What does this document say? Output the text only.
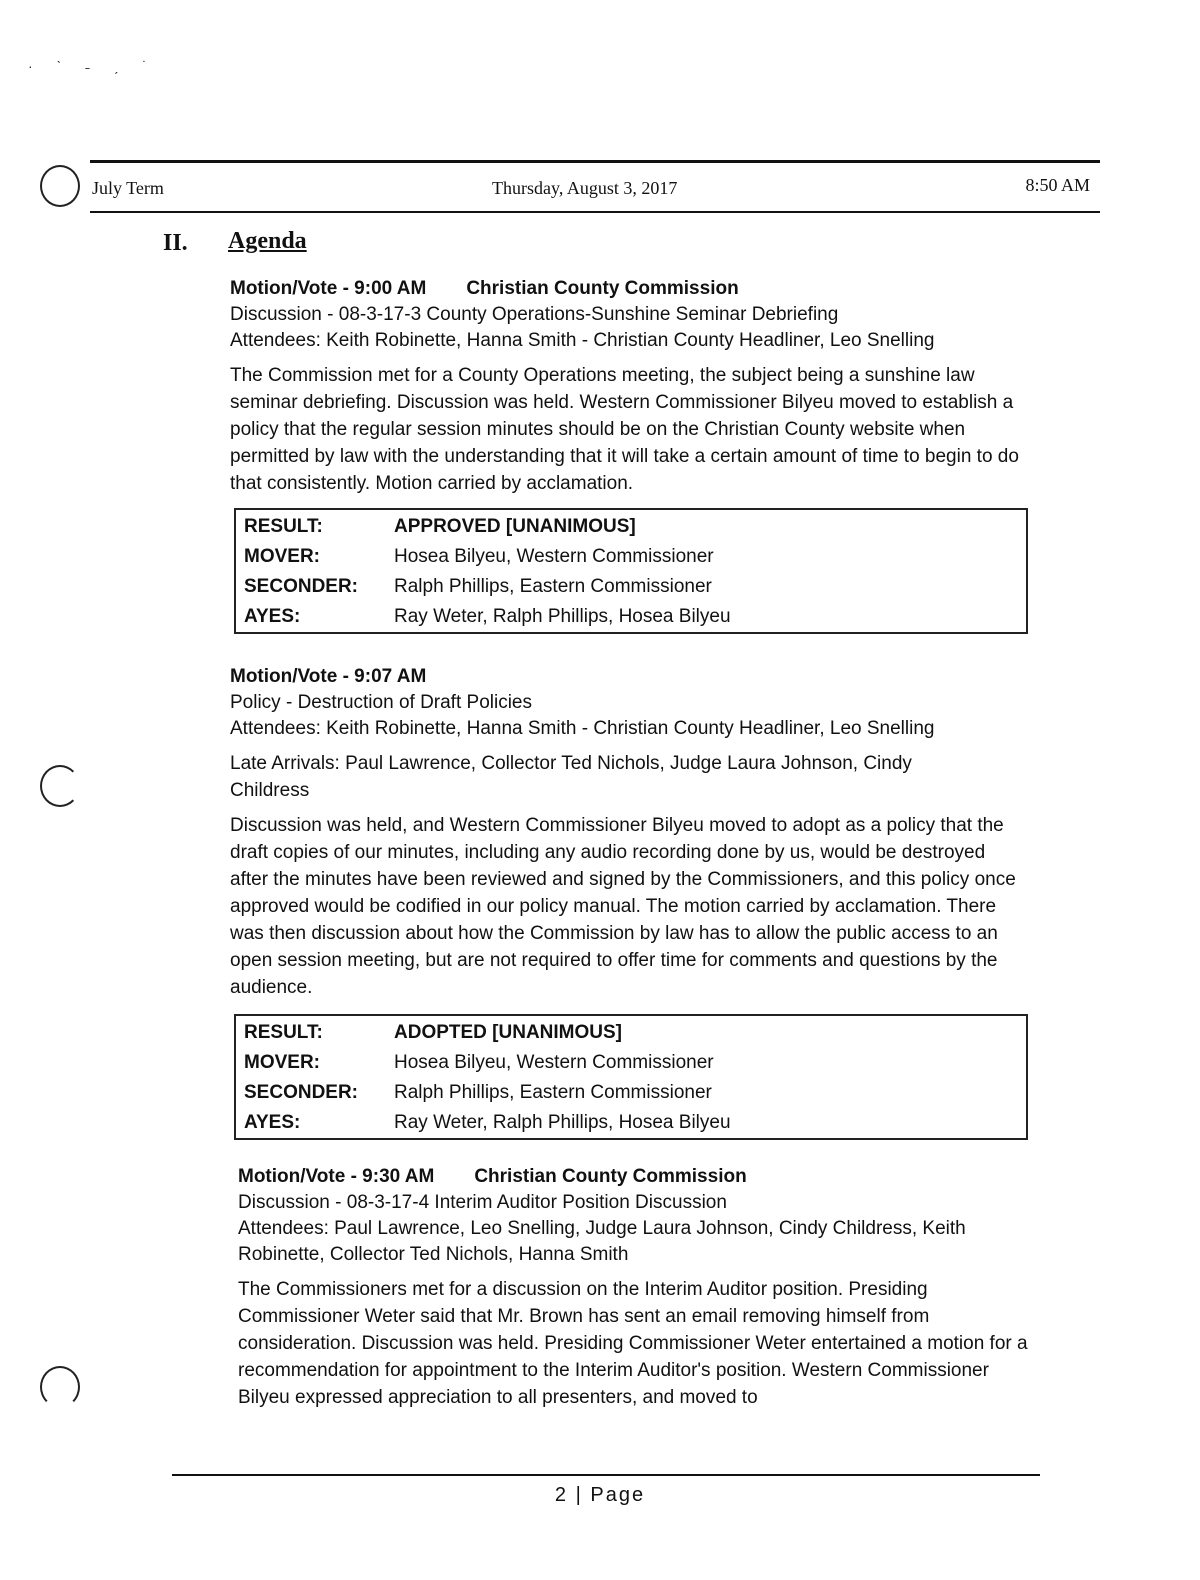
· ˋ ˗ ˏ ˙
July Term	Thursday, August 3, 2017	8:50 AM
II. Agenda
Motion/Vote - 9:00 AM Christian County Commission
Discussion - 08-3-17-3 County Operations-Sunshine Seminar Debriefing
Attendees: Keith Robinette, Hanna Smith - Christian County Headliner, Leo Snelling
The Commission met for a County Operations meeting, the subject being a sunshine law seminar debriefing. Discussion was held. Western Commissioner Bilyeu moved to establish a policy that the regular session minutes should be on the Christian County website when permitted by law with the understanding that it will take a certain amount of time to begin to do that consistently. Motion carried by acclamation.
RESULT:	APPROVED [UNANIMOUS]
MOVER:	Hosea Bilyeu, Western Commissioner
SECONDER:	Ralph Phillips, Eastern Commissioner
AYES:	Ray Weter, Ralph Phillips, Hosea Bilyeu
Motion/Vote - 9:07 AM
Policy - Destruction of Draft Policies
Attendees: Keith Robinette, Hanna Smith - Christian County Headliner, Leo Snelling
Late Arrivals: Paul Lawrence, Collector Ted Nichols, Judge Laura Johnson, Cindy Childress
Discussion was held, and Western Commissioner Bilyeu moved to adopt as a policy that the draft copies of our minutes, including any audio recording done by us, would be destroyed after the minutes have been reviewed and signed by the Commissioners, and this policy once approved would be codified in our policy manual. The motion carried by acclamation. There was then discussion about how the Commission by law has to allow the public access to an open session meeting, but are not required to offer time for comments and questions by the audience.
RESULT:	ADOPTED [UNANIMOUS]
MOVER:	Hosea Bilyeu, Western Commissioner
SECONDER:	Ralph Phillips, Eastern Commissioner
AYES:	Ray Weter, Ralph Phillips, Hosea Bilyeu
Motion/Vote - 9:30 AM Christian County Commission
Discussion - 08-3-17-4 Interim Auditor Position Discussion
Attendees: Paul Lawrence, Leo Snelling, Judge Laura Johnson, Cindy Childress, Keith Robinette, Collector Ted Nichols, Hanna Smith
The Commissioners met for a discussion on the Interim Auditor position. Presiding Commissioner Weter said that Mr. Brown has sent an email removing himself from consideration. Discussion was held. Presiding Commissioner Weter entertained a motion for a recommendation for appointment to the Interim Auditor's position. Western Commissioner Bilyeu expressed appreciation to all presenters, and moved to
2 | Page
